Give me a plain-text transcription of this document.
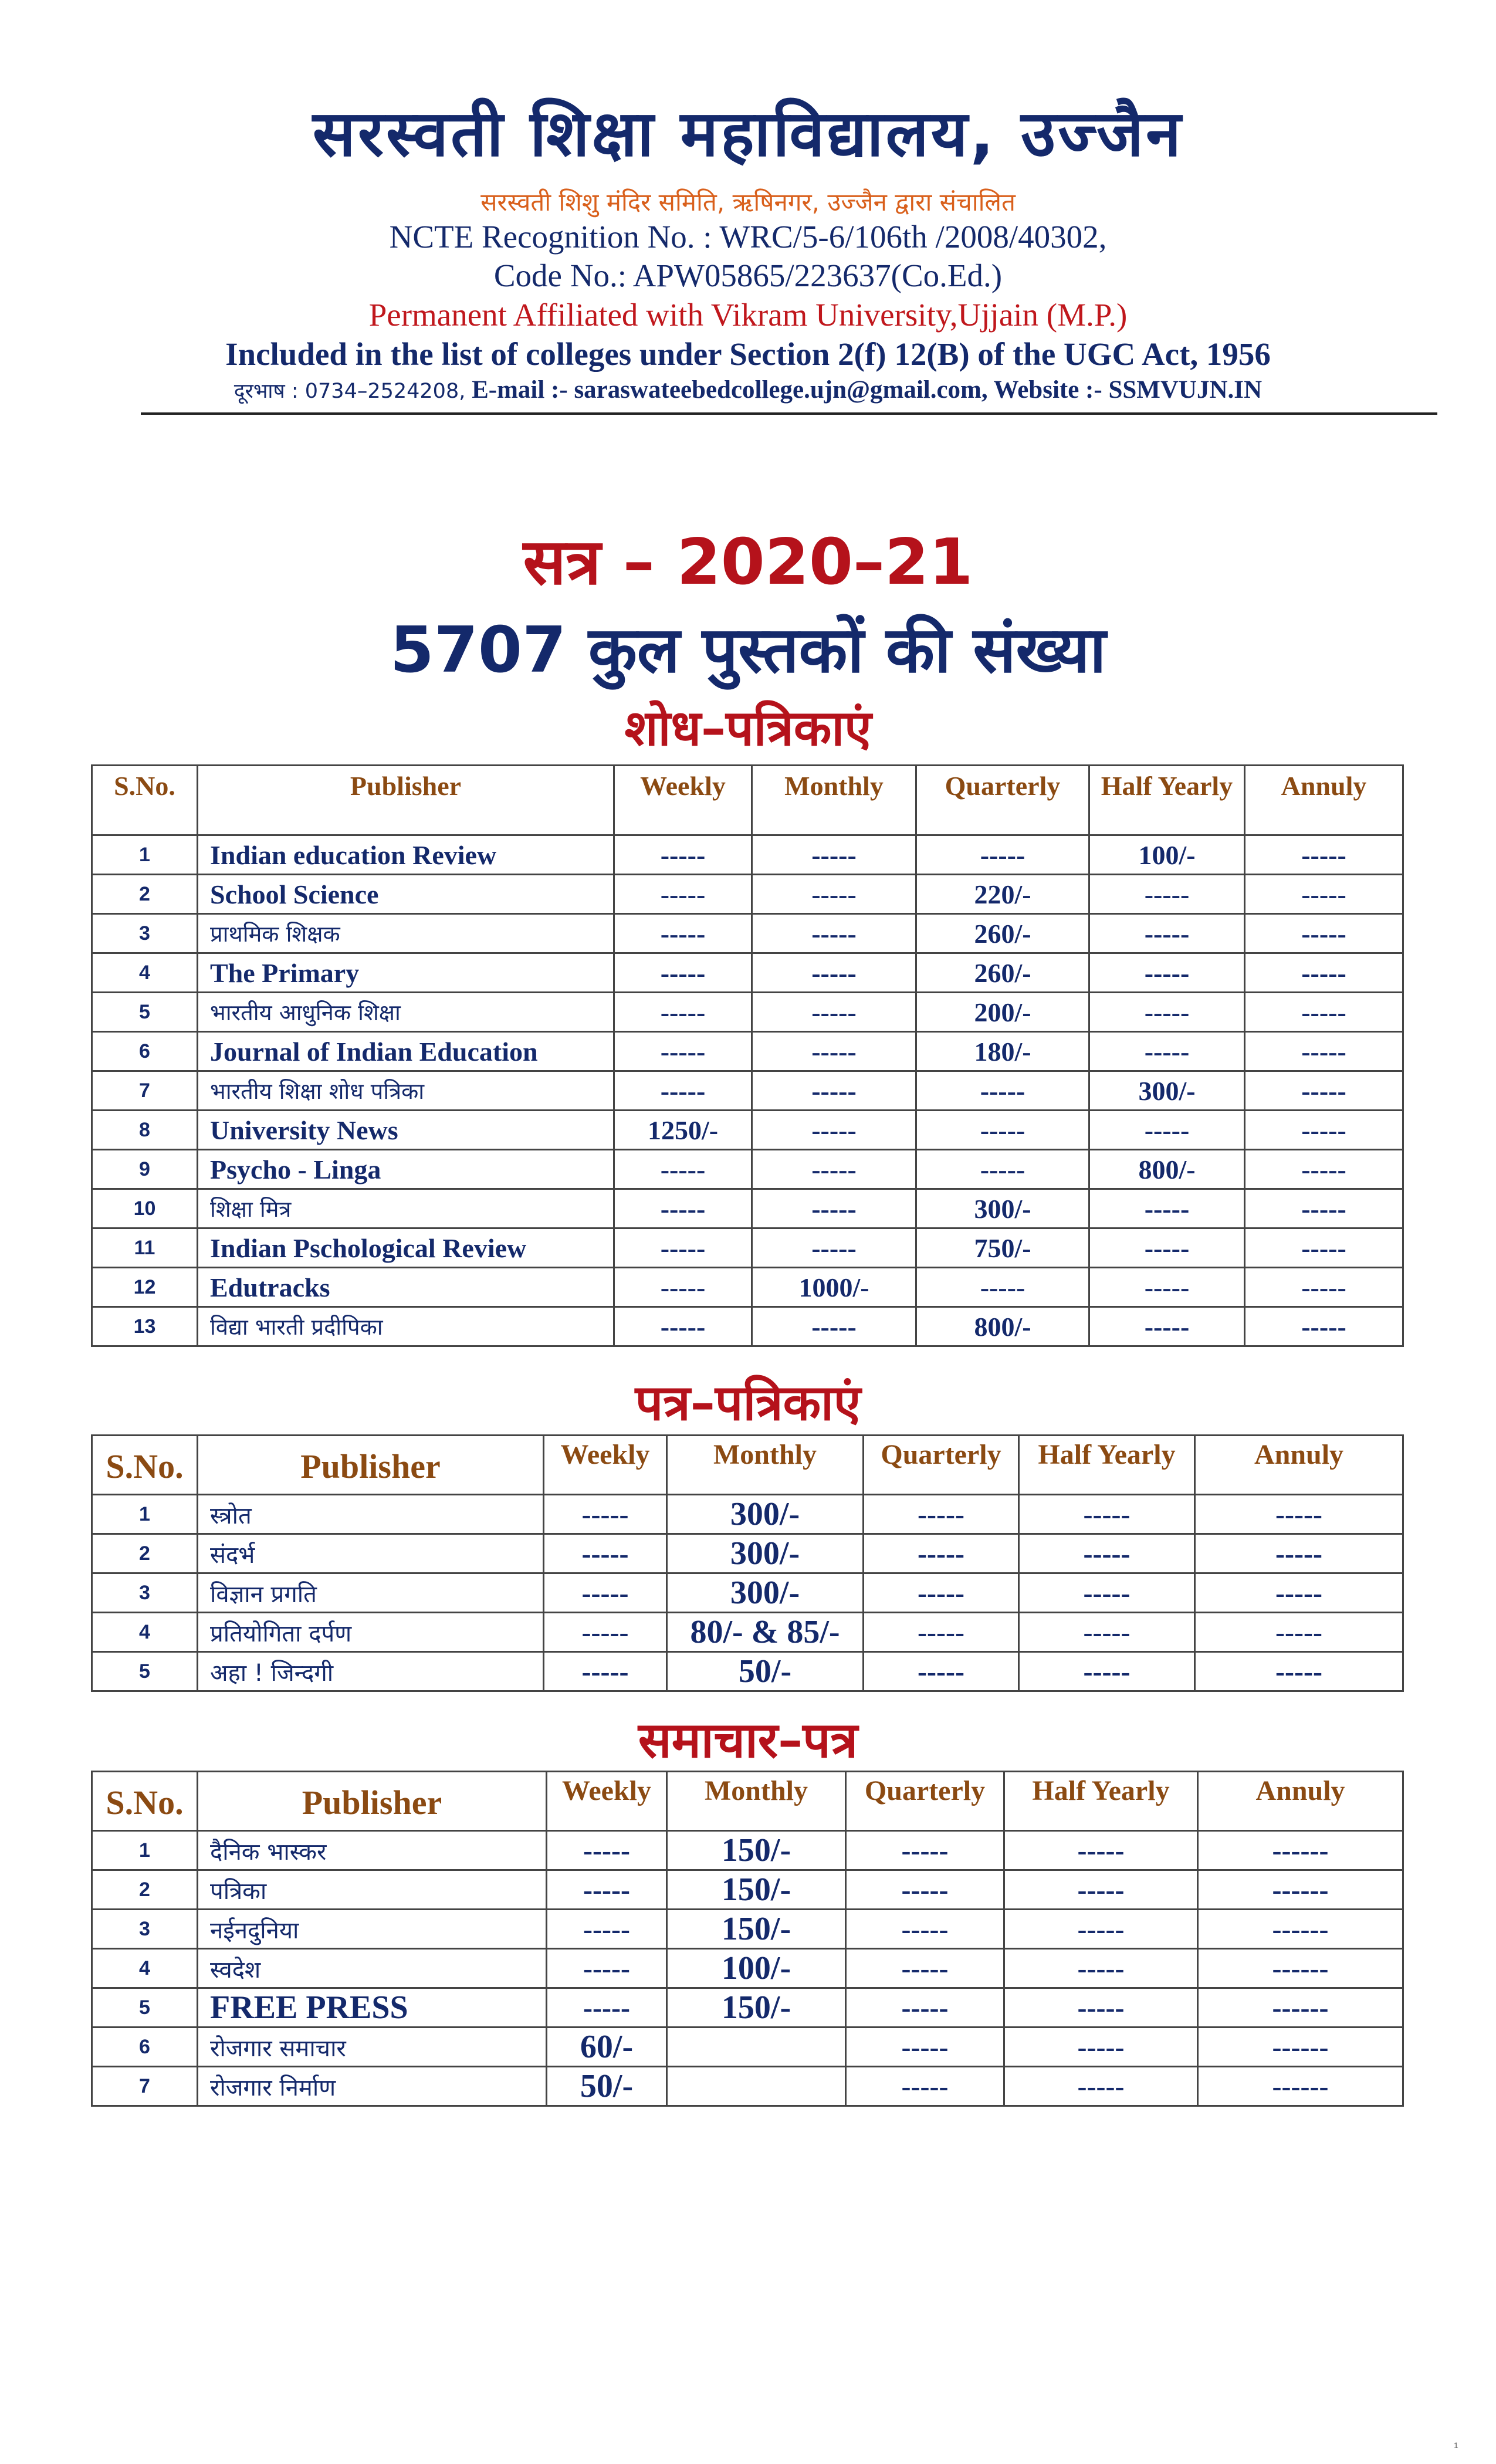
सरस्वती शिक्षा महाविद्यालय, उज्जैन
सरस्वती शिशु मंदिर समिति, ऋषिनगर, उज्जैन द्वारा संचालित
NCTE Recognition No. : WRC/5-6/106th /2008/40302,
Code No.: APW05865/223637(Co.Ed.)
Permanent Affiliated with Vikram University,Ujjain (M.P.)
Included in the list of colleges under Section 2(f) 12(B) of the UGC Act, 1956
दूरभाष : 0734–2524208, E-mail :- saraswateebedcollege.ujn@gmail.com, Website :- SSMVUJN.IN
सत्र – 2020–21
5707 कुल पुस्तकों की संख्या
शोध–पत्रिकाएं
S.No.	Publisher	Weekly	Monthly	Quarterly	Half Yearly	Annuly
1	Indian education Review	-----	-----	-----	100/-	-----
2	School Science	-----	-----	220/-	-----	-----
3	प्राथमिक शिक्षक	-----	-----	260/-	-----	-----
4	The Primary	-----	-----	260/-	-----	-----
5	भारतीय आधुनिक शिक्षा	-----	-----	200/-	-----	-----
6	Journal of Indian Education	-----	-----	180/-	-----	-----
7	भारतीय शिक्षा शोध पत्रिका	-----	-----	-----	300/-	-----
8	University News	1250/-	-----	-----	-----	-----
9	Psycho - Linga	-----	-----	-----	800/-	-----
10	शिक्षा मित्र	-----	-----	300/-	-----	-----
11	Indian Pschological Review	-----	-----	750/-	-----	-----
12	Edutracks	-----	1000/-	-----	-----	-----
13	विद्या भारती प्रदीपिका	-----	-----	800/-	-----	-----
पत्र–पत्रिकाएं
S.No.	Publisher	Weekly	Monthly	Quarterly	Half Yearly	Annuly
1	स्त्रोत	-----	300/-	-----	-----	-----
2	संदर्भ	-----	300/-	-----	-----	-----
3	विज्ञान प्रगति	-----	300/-	-----	-----	-----
4	प्रतियोगिता दर्पण	-----	80/- & 85/-	-----	-----	-----
5	अहा ! जिन्दगी	-----	50/-	-----	-----	-----
समाचार–पत्र
S.No.	Publisher	Weekly	Monthly	Quarterly	Half Yearly	Annuly
1	दैनिक भास्कर	-----	150/-	-----	-----	------
2	पत्रिका	-----	150/-	-----	-----	------
3	नईनदुनिया	-----	150/-	-----	-----	------
4	स्वदेश	-----	100/-	-----	-----	------
5	FREE PRESS	-----	150/-	-----	-----	------
6	रोजगार समाचार	60/-		-----	-----	------
7	रोजगार निर्माण	50/-		-----	-----	------
1
